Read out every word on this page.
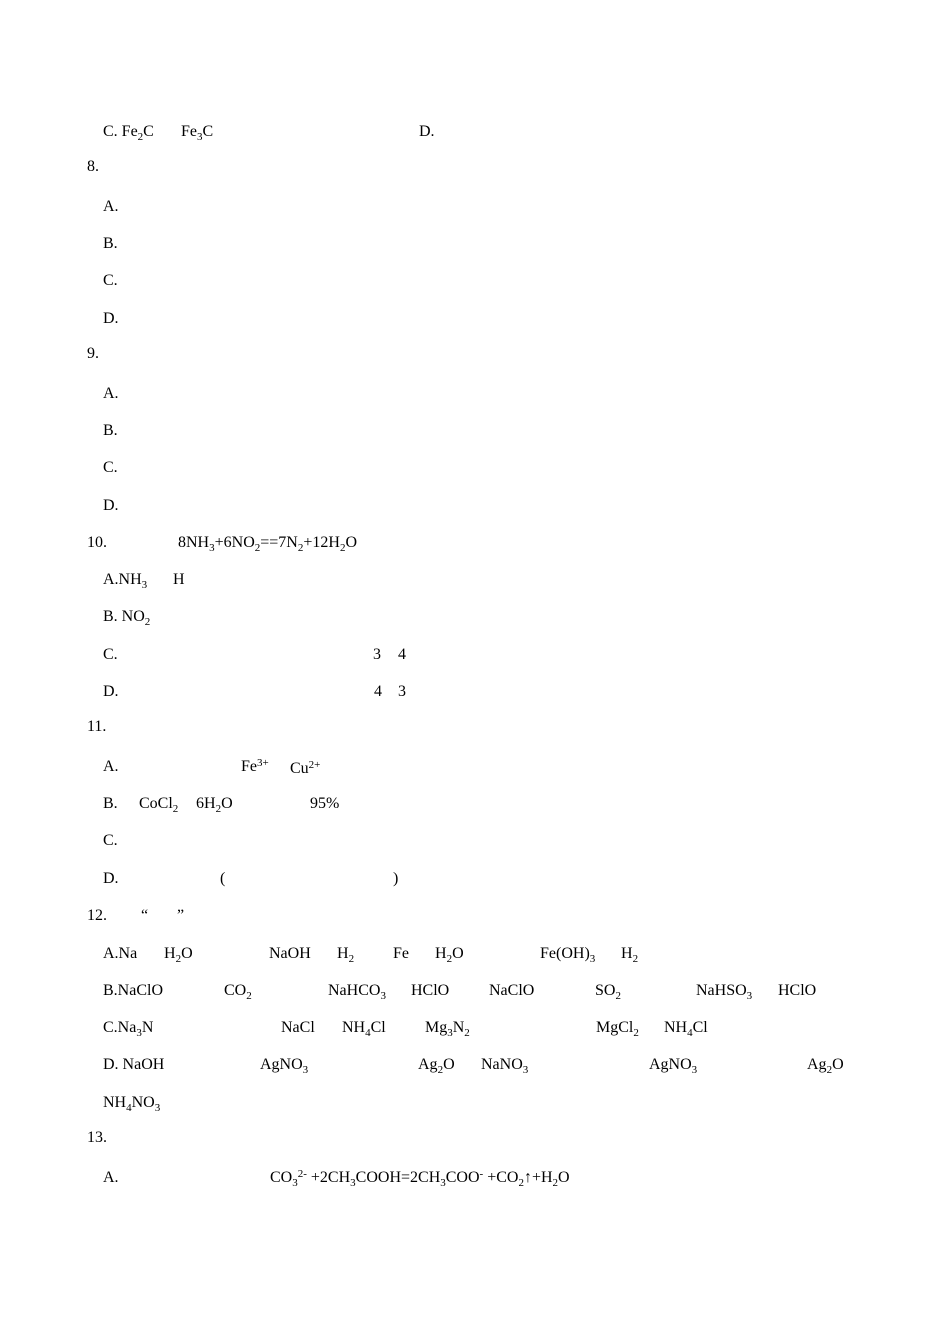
C. $Fe_2C$ $Fe_3C$	D.
8.
A.
B.
C.
D.
9.
A.
B.
C.
D.
10.	$8NH_3+6NO_2==7N_2+12H_2O$
$A.NH_3$ H
B. $NO_2$
C.	3 4
D.	4 3
11.
A.	$Fe^{3+}$ $Cu^{2+}$
B. CoCl$_2$ $6H_2O$	95%
C.
D.	(	)
12. “ ”
A.Na $H_2O$	NaOH $H_2$ Fe $H_2O$	$Fe(OH)_3$ $H_2$
B.NaClO	$CO_2$	NaHCO$_3$ HClO NaClO	$SO_2$	NaHSO$_3$ HClO
$C.Na_3N$	NaCl $NH_4Cl$ $Mg_3N_2$	MgCl$_2$ $NH_4Cl$
D. NaOH	AgNO$_3$	$Ag_2O$ NaNO$_3$	AgNO$_3$	$Ag_2O$
$NH_4NO_3$
13.
A.	$CO_3^{2-}$ $+2CH_3COOH=2CH_3COO^-$ $+CO_2↑+H_2O$
